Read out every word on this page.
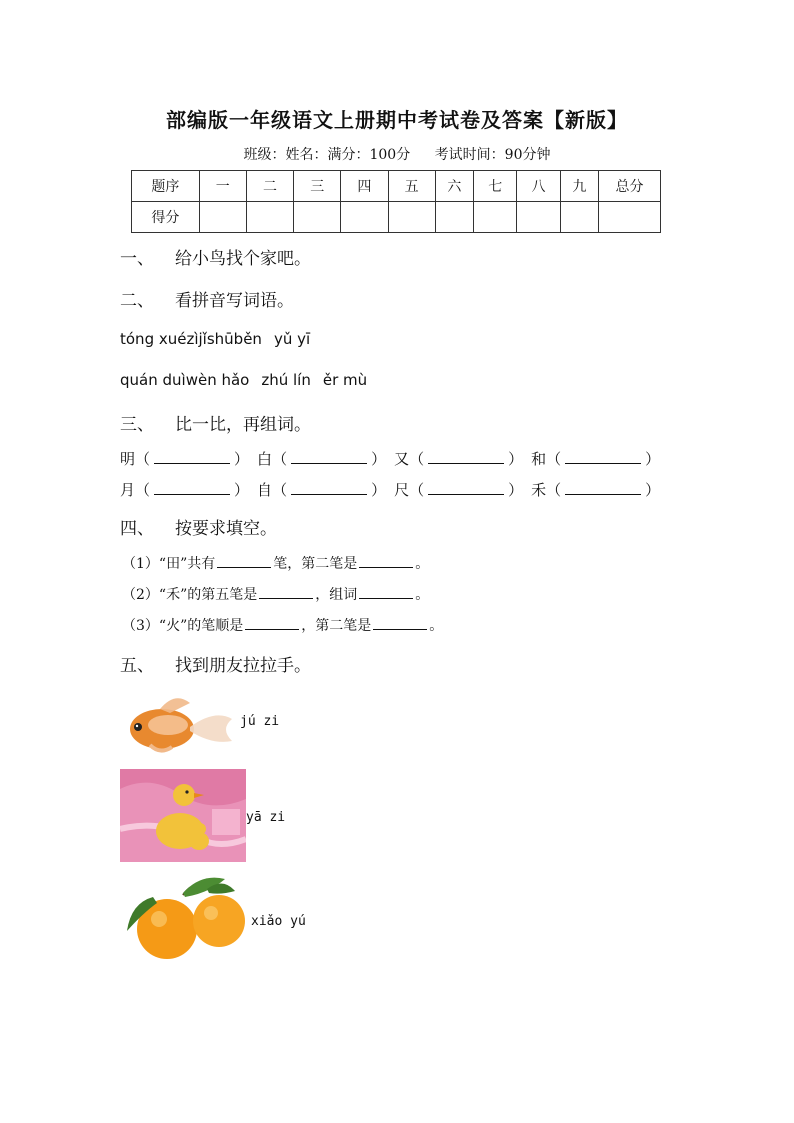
部编版一年级语文上册期中考试卷及答案【新版】
班级：姓名：满分：100分 考试时间：90分钟
题序	一	二	三	四	五	六	七	八	九	总分
得分										
一、 给小鸟找个家吧。
二、 看拼音写词语。
tóng xuézìjǐshūběn yǔ yī
quán duìwèn hǎo zhú lín ěr mù
三、 比一比，再组词。
明 （	） 白 （	） 又 （	） 和 （	）
月 （	） 自 （	） 尺 （	） 禾 （	）
四、 按要求填空。
（1）“田”共有	笔，第二笔是	。
（2）“禾”的第五笔是	，组词	。
（3）“火”的笔顺是	，第二笔是	。
五、 找到朋友拉拉手。
jú zi
yā zi
xiǎo yú
